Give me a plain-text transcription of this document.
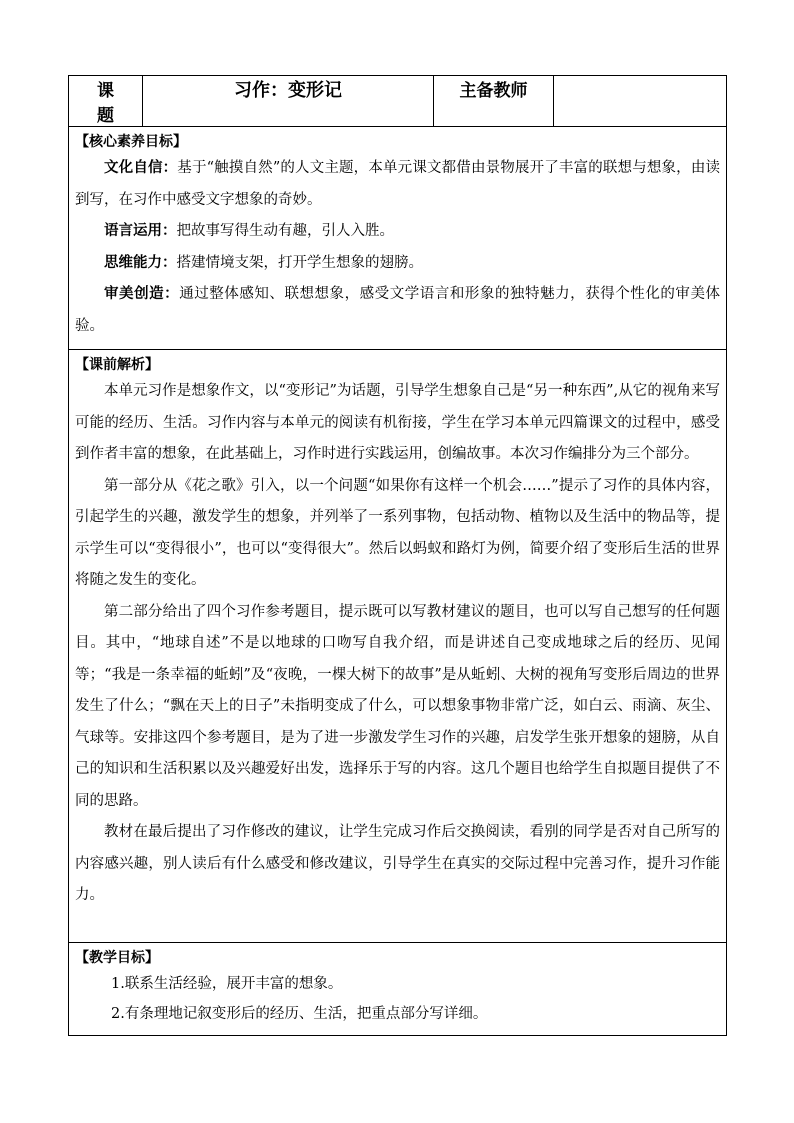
课　题	习作：变形记	主备教师	

【核心素养目标】

文化自信：基于“触摸自然”的人文主题，本单元课文都借由景物展开了丰富的联想与想象，由读到写，在习作中感受文字想象的奇妙。

语言运用：把故事写得生动有趣，引人入胜。

思维能力：搭建情境支架，打开学生想象的翅膀。

审美创造：通过整体感知、联想想象，感受文学语言和形象的独特魅力，获得个性化的审美体验。

【课前解析】

本单元习作是想象作文，以“变形记”为话题，引导学生想象自己是“另一种东西”,从它的视角来写可能的经历、生活。习作内容与本单元的阅读有机衔接，学生在学习本单元四篇课文的过程中，感受到作者丰富的想象，在此基础上，习作时进行实践运用，创编故事。本次习作编排分为三个部分。

第一部分从《花之歌》引入，以一个问题“如果你有这样一个机会……”提示了习作的具体内容，引起学生的兴趣，激发学生的想象，并列举了一系列事物，包括动物、植物以及生活中的物品等，提示学生可以“变得很小”，也可以“变得很大”。然后以蚂蚁和路灯为例，简要介绍了变形后生活的世界将随之发生的变化。

第二部分给出了四个习作参考题目，提示既可以写教材建议的题目，也可以写自己想写的任何题目。其中，“地球自述”不是以地球的口吻写自我介绍，而是讲述自己变成地球之后的经历、见闻等；“我是一条幸福的蚯蚓”及“夜晚，一棵大树下的故事”是从蚯蚓、大树的视角写变形后周边的世界发生了什么；“飘在天上的日子”未指明变成了什么，可以想象事物非常广泛，如白云、雨滴、灰尘、气球等。安排这四个参考题目，是为了进一步激发学生习作的兴趣，启发学生张开想象的翅膀，从自己的知识和生活积累以及兴趣爱好出发，选择乐于写的内容。这几个题目也给学生自拟题目提供了不同的思路。

教材在最后提出了习作修改的建议，让学生完成习作后交换阅读，看别的同学是否对自己所写的内容感兴趣，别人读后有什么感受和修改建议，引导学生在真实的交际过程中完善习作，提升习作能力。

【教学目标】

1.联系生活经验，展开丰富的想象。

2.有条理地记叙变形后的经历、生活，把重点部分写详细。
